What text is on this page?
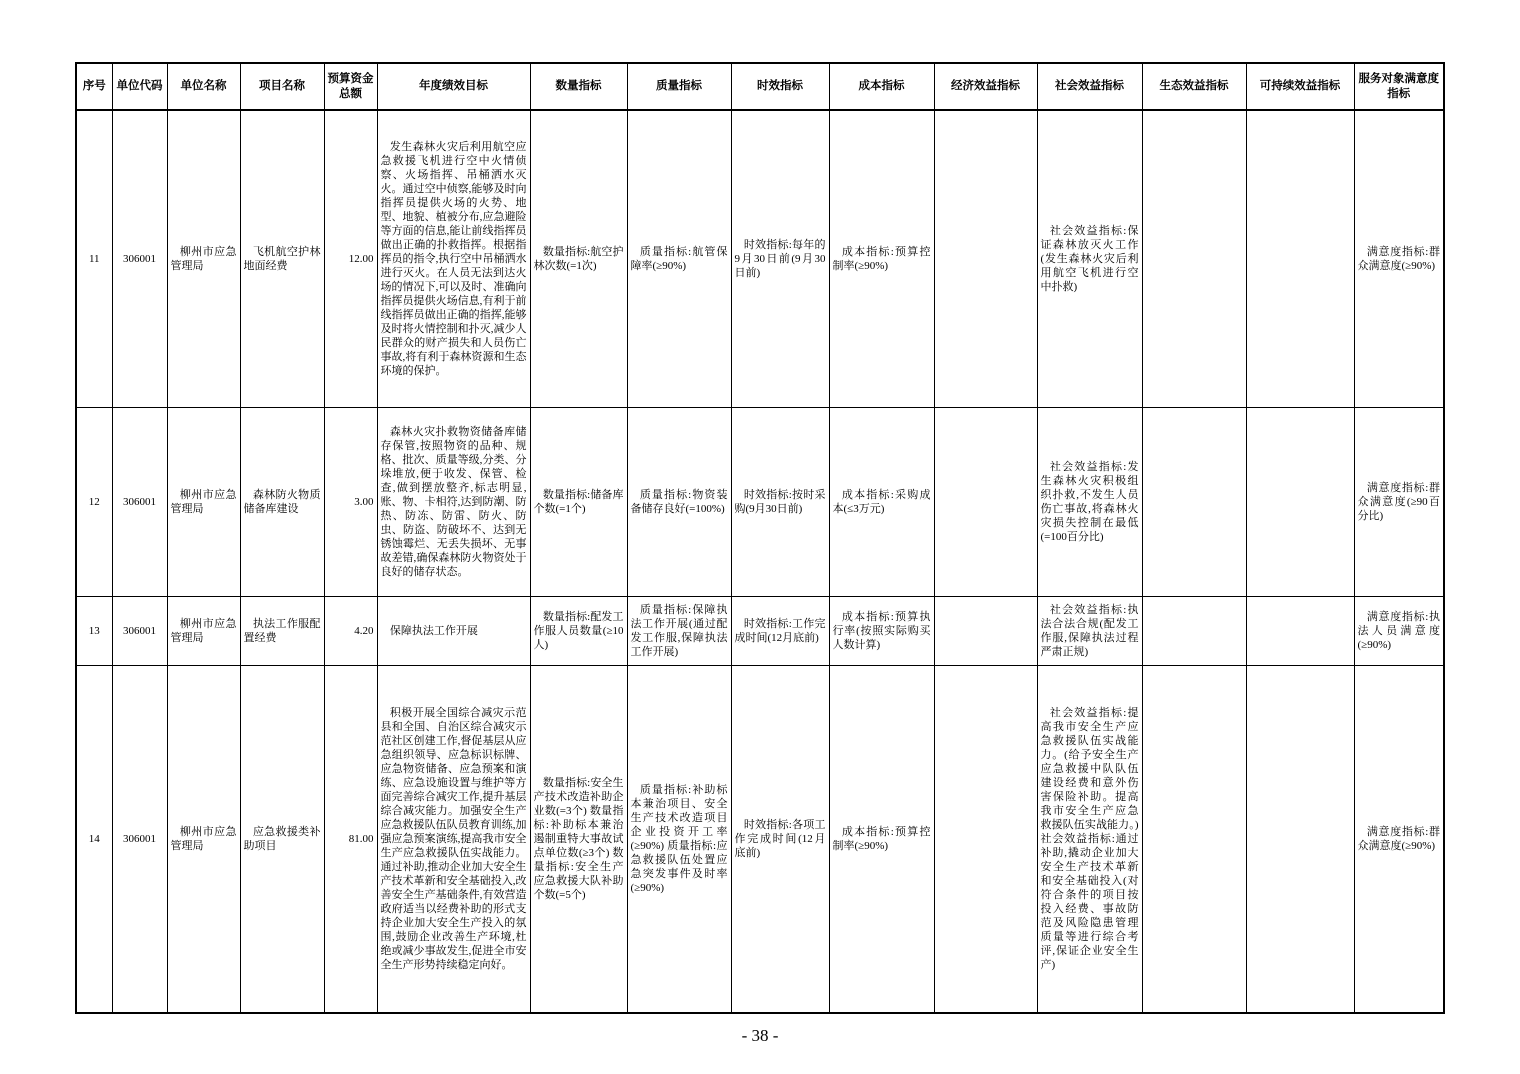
序号	单位代码	单位名称	项目名称	预算资金总额	年度绩效目标	数量指标	质量指标	时效指标	成本指标	经济效益指标	社会效益指标	生态效益指标	可持续效益指标	服务对象满意度指标
11	306001	柳州市应急管理局	飞机航空护林地面经费	12.00	发生森林火灾后利用航空应急救援飞机进行空中火情侦察、火场指挥、吊桶洒水灭火。通过空中侦察,能够及时向指挥员提供火场的火势、地型、地貌、植被分布,应急避险等方面的信息,能让前线指挥员做出正确的扑救指挥。根据指挥员的指令,执行空中吊桶洒水进行灭火。在人员无法到达火场的情况下,可以及时、准确向指挥员提供火场信息,有利于前线指挥员做出正确的指挥,能够及时将火情控制和扑灭,减少人民群众的财产损失和人员伤亡事故,将有利于森林资源和生态环境的保护。	数量指标:航空护林次数(=1次)	质量指标:航管保障率(≥90%)	时效指标:每年的9月30日前(9月30日前)	成本指标:预算控制率(≥90%)		社会效益指标:保证森林放灭火工作(发生森林火灾后利用航空飞机进行空中扑救)			满意度指标:群众满意度(≥90%)
12	306001	柳州市应急管理局	森林防火物质储备库建设	3.00	森林火灾扑救物资储备库储存保管,按照物资的品种、规格、批次、质量等级,分类、分垛堆放,便于收发、保管、检查,做到摆放整齐,标志明显,账、物、卡相符,达到防潮、防热、防冻、防雷、防火、防虫、防盗、防破坏不、达到无锈蚀霉烂、无丢失损坏、无事故差错,确保森林防火物资处于良好的储存状态。	数量指标:储备库个数(=1个)	质量指标:物资装备储存良好(=100%)	时效指标:按时采购(9月30日前)	成本指标:采购成本(≤3万元)		社会效益指标:发生森林火灾积极组织扑救,不发生人员伤亡事故,将森林火灾损失控制在最低(=100百分比)			满意度指标:群众满意度(≥90百分比)
13	306001	柳州市应急管理局	执法工作服配置经费	4.20	保障执法工作开展	数量指标:配发工作服人员数量(≥10人)	质量指标:保障执法工作开展(通过配发工作服,保障执法工作开展)	时效指标:工作完成时间(12月底前)	成本指标:预算执行率(按照实际购买人数计算)		社会效益指标:执法合法合规(配发工作服,保障执法过程严肃正规)			满意度指标:执法人员满意度(≥90%)
14	306001	柳州市应急管理局	应急救援类补助项目	81.00	积极开展全国综合减灾示范县和全国、自治区综合减灾示范社区创建工作,督促基层从应急组织领导、应急标识标牌、应急物资储备、应急预案和演练、应急设施设置与维护等方面完善综合减灾工作,提升基层综合减灾能力。加强安全生产应急救援队伍队员教育训练,加强应急预案演练,提高我市安全生产应急救援队伍实战能力。通过补助,推动企业加大安全生产技术革新和安全基础投入,改善安全生产基础条件,有效营造政府适当以经费补助的形式支持企业加大安全生产投入的氛围,鼓励企业改善生产环境,杜绝或减少事故发生,促进全市安全生产形势持续稳定向好。	数量指标:安全生产技术改造补助企业数(=3个) 数量指标:补助标本兼治遏制重特大事故试点单位数(≥3个) 数量指标:安全生产应急救援大队补助个数(=5个)	质量指标:补助标本兼治项目、安全生产技术改造项目企业投资开工率(≥90%) 质量指标:应急救援队伍处置应急突发事件及时率(≥90%)	时效指标:各项工作完成时间(12月底前)	成本指标:预算控制率(≥90%)		社会效益指标:提高我市安全生产应急救援队伍实战能力。(给予安全生产应急救援中队队伍建设经费和意外伤害保险补助。提高我市安全生产应急救援队伍实战能力。) 社会效益指标:通过补助,撬动企业加大安全生产技术革新和安全基础投入(对符合条件的项目按投入经费、事故防范及风险隐患管理质量等进行综合考评,保证企业安全生产)			满意度指标:群众满意度(≥90%)
- 38 -
